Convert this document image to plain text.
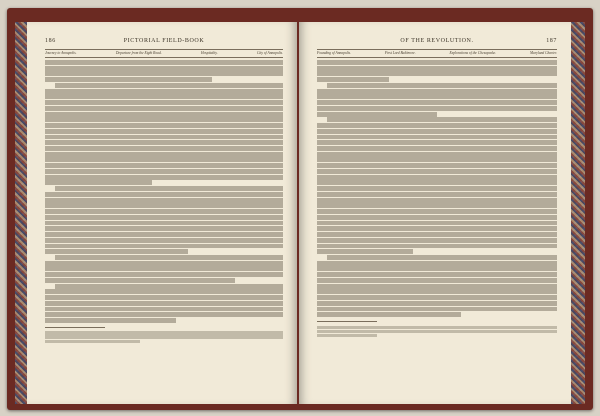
186	PICTORIAL FIELD-BOOK
Journey to Annapolis.	Departure from the Eight Road.	Hospitality.	City of Annapolis.
OF THE REVOLUTION.	187
Founding of Annapolis.	First Lord Baltimore.	Explorations of the Chesapeake.	Maryland Charter.
